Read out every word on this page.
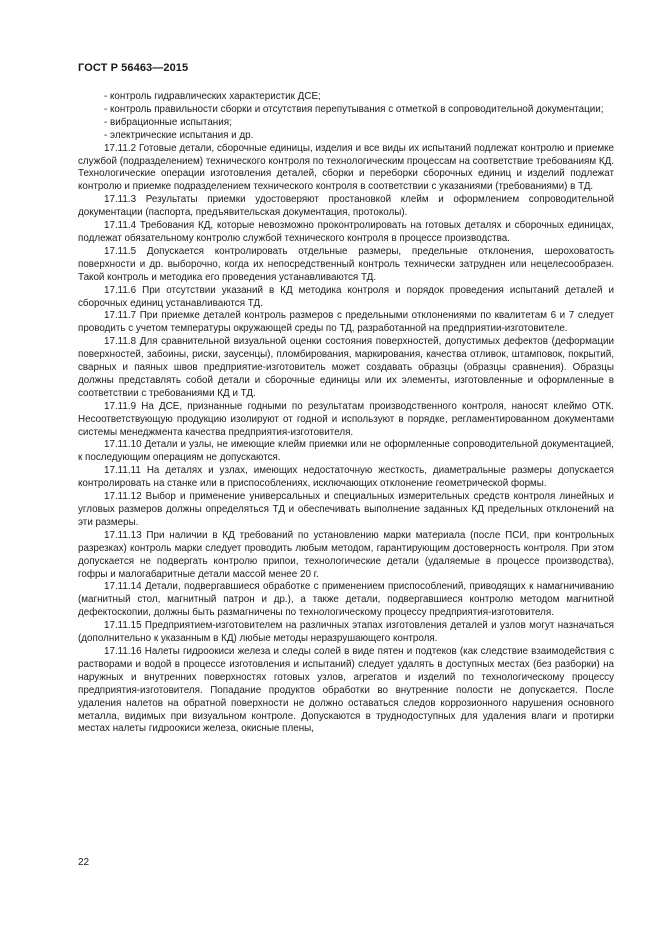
ГОСТ Р 56463—2015

- контроль гидравлических характеристик ДСЕ;

- контроль правильности сборки и отсутствия перепутывания с отметкой в сопроводительной документации;

- вибрационные испытания;

- электрические испытания и др.

17.11.2 Готовые детали, сборочные единицы, изделия и все виды их испытаний подлежат контролю и приемке службой (подразделением) технического контроля по технологическим процессам на соответствие требованиям КД. Технологические операции изготовления деталей, сборки и переборки сборочных единиц и изделий подлежат контролю и приемке подразделением технического контроля в соответствии с указаниями (требованиями) в ТД.

17.11.3 Результаты приемки удостоверяют простановкой клейм и оформлением сопроводительной документации (паспорта, предъявительская документация, протоколы).

17.11.4 Требования КД, которые невозможно проконтролировать на готовых деталях и сборочных единицах, подлежат обязательному контролю службой технического контроля в процессе производства.

17.11.5 Допускается контролировать отдельные размеры, предельные отклонения, шероховатость поверхности и др. выборочно, когда их непосредственный контроль технически затруднен или нецелесообразен. Такой контроль и методика его проведения устанавливаются ТД.

17.11.6 При отсутствии указаний в КД методика контроля и порядок проведения испытаний деталей и сборочных единиц устанавливаются ТД.

17.11.7 При приемке деталей контроль размеров с предельными отклонениями по квалитетам 6 и 7 следует проводить с учетом температуры окружающей среды по ТД, разработанной на предприятии-изготовителе.

17.11.8 Для сравнительной визуальной оценки состояния поверхностей, допустимых дефектов (деформации поверхностей, забоины, риски, заусенцы), пломбирования, маркирования, качества отливок, штамповок, покрытий, сварных и паяных швов предприятие-изготовитель может создавать образцы (образцы сравнения). Образцы должны представлять собой детали и сборочные единицы или их элементы, изготовленные и оформленные в соответствии с требованиями КД и ТД.

17.11.9 На ДСЕ, признанные годными по результатам производственного контроля, наносят клеймо ОТК. Несоответствующую продукцию изолируют от годной и используют в порядке, регламентированном документами системы менеджмента качества предприятия-изготовителя.

17.11.10 Детали и узлы, не имеющие клейм приемки или не оформленные сопроводительной документацией, к последующим операциям не допускаются.

17.11.11 На деталях и узлах, имеющих недостаточную жесткость, диаметральные размеры допускается контролировать на станке или в приспособлениях, исключающих отклонение геометрической формы.

17.11.12 Выбор и применение универсальных и специальных измерительных средств контроля линейных и угловых размеров должны определяться ТД и обеспечивать выполнение заданных КД предельных отклонений на эти размеры.

17.11.13 При наличии в КД требований по установлению марки материала (после ПСИ, при контрольных разрезках) контроль марки следует проводить любым методом, гарантирующим достоверность контроля. При этом допускается не подвергать контролю припои, технологические детали (удаляемые в процессе производства), гофры и малогабаритные детали массой менее 20 г.

17.11.14 Детали, подвергавшиеся обработке с применением приспособлений, приводящих к намагничиванию (магнитный стол, магнитный патрон и др.), а также детали, подвергавшиеся контролю методом магнитной дефектоскопии, должны быть размагничены по технологическому процессу предприятия-изготовителя.

17.11.15 Предприятием-изготовителем на различных этапах изготовления деталей и узлов могут назначаться (дополнительно к указанным в КД) любые методы неразрушающего контроля.

17.11.16 Налеты гидроокиси железа и следы солей в виде пятен и подтеков (как следствие взаимодействия с растворами и водой в процессе изготовления и испытаний) следует удалять в доступных местах (без разборки) на наружных и внутренних поверхностях готовых узлов, агрегатов и изделий по технологическому процессу предприятия-изготовителя. Попадание продуктов обработки во внутренние полости не допускается. После удаления налетов на обратной поверхности не должно оставаться следов коррозионного нарушения основного металла, видимых при визуальном контроле. Допускаются в труднодоступных для удаления влаги и протирки местах налеты гидроокиси железа, окисные плены,

22
